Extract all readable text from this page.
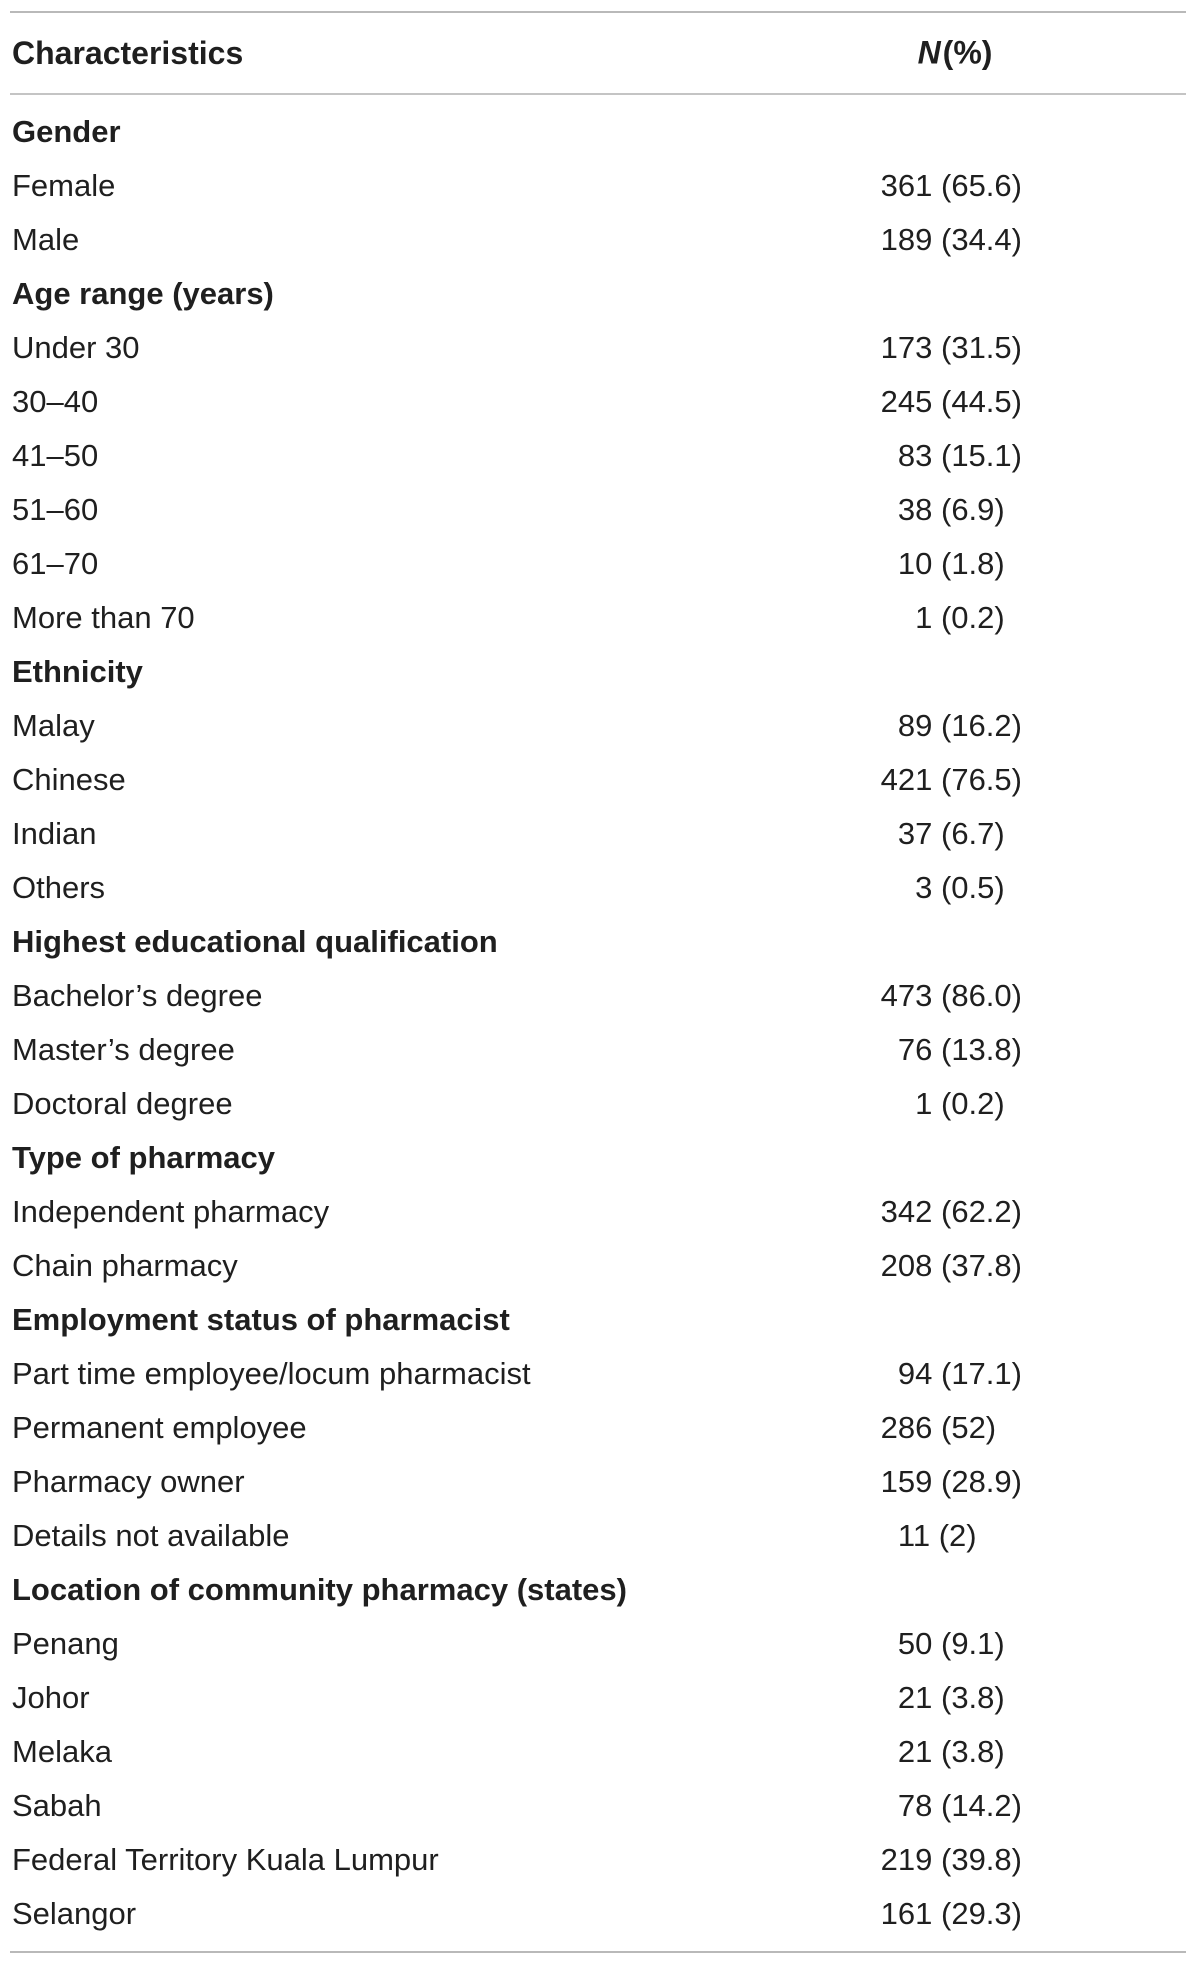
Characteristics	N (%)
Gender
Female	361 (65.6)
Male	189 (34.4)
Age range (years)
Under 30	173 (31.5)
30–40	245 (44.5)
41–50	83 (15.1)
51–60	38 (6.9)
61–70	10 (1.8)
More than 70	1 (0.2)
Ethnicity
Malay	89 (16.2)
Chinese	421 (76.5)
Indian	37 (6.7)
Others	3 (0.5)
Highest educational qualification
Bachelor’s degree	473 (86.0)
Master’s degree	76 (13.8)
Doctoral degree	1 (0.2)
Type of pharmacy
Independent pharmacy	342 (62.2)
Chain pharmacy	208 (37.8)
Employment status of pharmacist
Part time employee/locum pharmacist	94 (17.1)
Permanent employee	286 (52)
Pharmacy owner	159 (28.9)
Details not available	11 (2)
Location of community pharmacy (states)
Penang	50 (9.1)
Johor	21 (3.8)
Melaka	21 (3.8)
Sabah	78 (14.2)
Federal Territory Kuala Lumpur	219 (39.8)
Selangor	161 (29.3)
